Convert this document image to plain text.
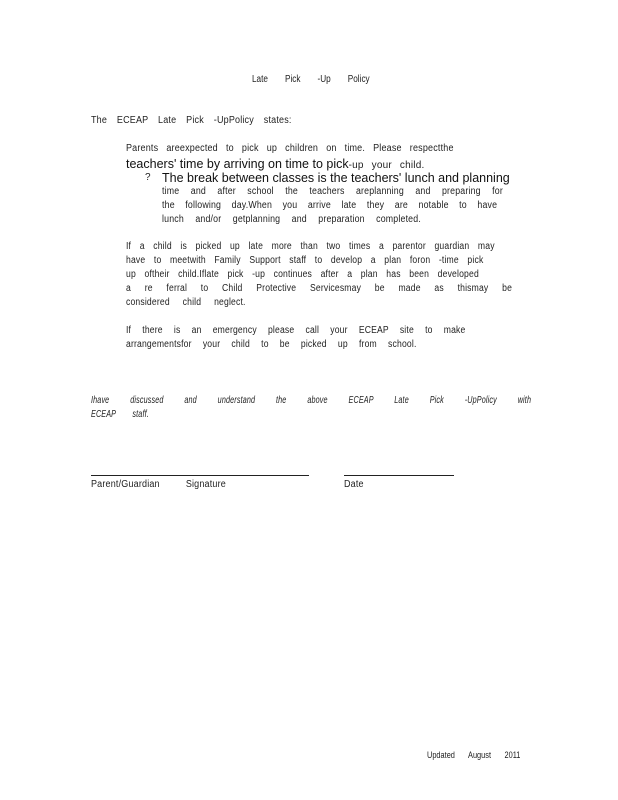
Late Pick -Up Policy
The ECEAP Late Pick -UpPolicy states:
Parents areexpected to pick up children on time. Please respectthe
teachers' time by arriving on time to pick-up your child.
? The break between classes is the teachers' lunch and planning
time and after school the teachers areplanning and preparing for
the following day.When you arrive late they are notable to have
lunch and/or getplanning and preparation completed.
If a child is picked up late more than two times a parentor guardian may
have to meetwith Family Support staff to develop a plan foron -time pick
up oftheir child.Iflate pick -up continues after a plan has been developed
a re ferral to Child Protective Servicesmay be made as thismay be
considered child neglect.
If there is an emergency please call your ECEAP site to make
arrangementsfor your child to be picked up from school.
Ihave discussed and understand the above ECEAP Late Pick -UpPolicy with
ECEAP staff.
Parent/Guardian Signature	Date
Updated August 2011
